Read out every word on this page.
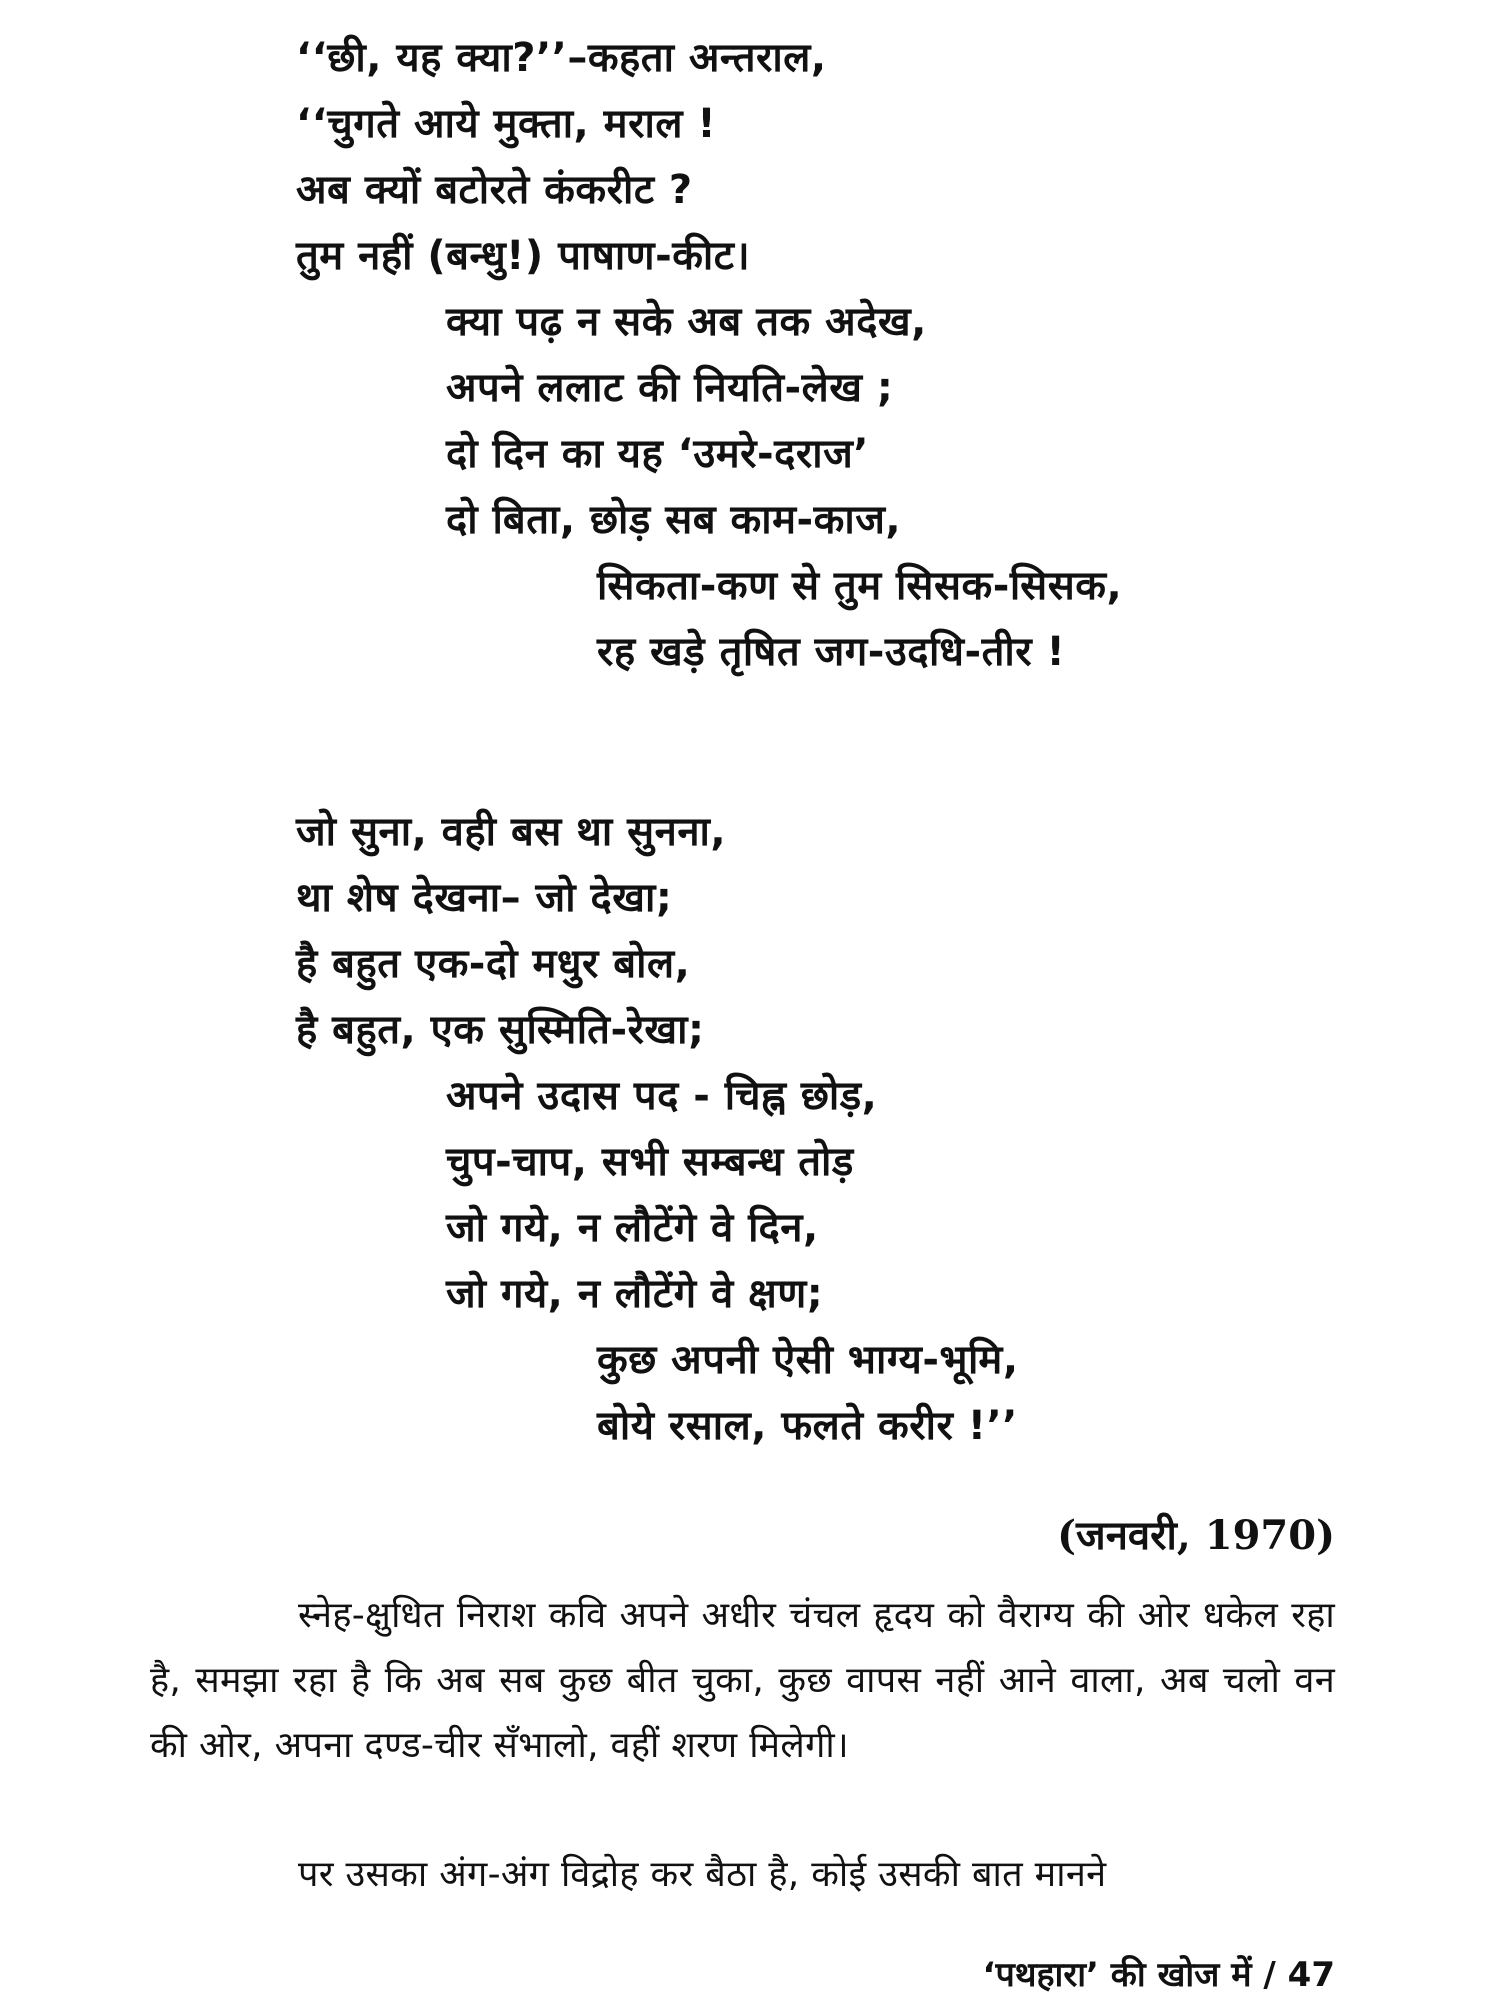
‘‘छी, यह क्या?’’–कहता अन्तराल,
‘‘चुगते आये मुक्ता, मराल !
अब क्यों बटोरते कंकरीट ?
तुम नहीं (बन्धु!) पाषाण-कीट।
क्या पढ़ न सके अब तक अदेख,
अपने ललाट की नियति-लेख ;
दो दिन का यह ‘उमरे-दराज’
दो बिता, छोड़ सब काम-काज,
सिकता-कण से तुम सिसक-सिसक,
रह खड़े तृषित जग-उदधि-तीर !
जो सुना, वही बस था सुनना,
था शेष देखना– जो देखा;
है बहुत एक-दो मधुर बोल,
है बहुत, एक सुस्मिति-रेखा;
अपने उदास पद - चिह्न छोड़,
चुप-चाप, सभी सम्बन्ध तोड़
जो गये, न लौटेंगे वे दिन,
जो गये, न लौटेंगे वे क्षण;
कुछ अपनी ऐसी भाग्य-भूमि,
बोये रसाल, फलते करीर !’’
(जनवरी, 1970)

स्नेह-क्षुधित निराश कवि अपने अधीर चंचल हृदय को वैराग्य की ओर धकेल रहा है, समझा रहा है कि अब सब कुछ बीत चुका, कुछ वापस नहीं आने वाला, अब चलो वन की ओर, अपना दण्ड-चीर सँभालो, वहीं शरण मिलेगी।

पर उसका अंग-अंग विद्रोह कर बैठा है, कोई उसकी बात मानने

‘पथहारा’ की खोज में / 47
